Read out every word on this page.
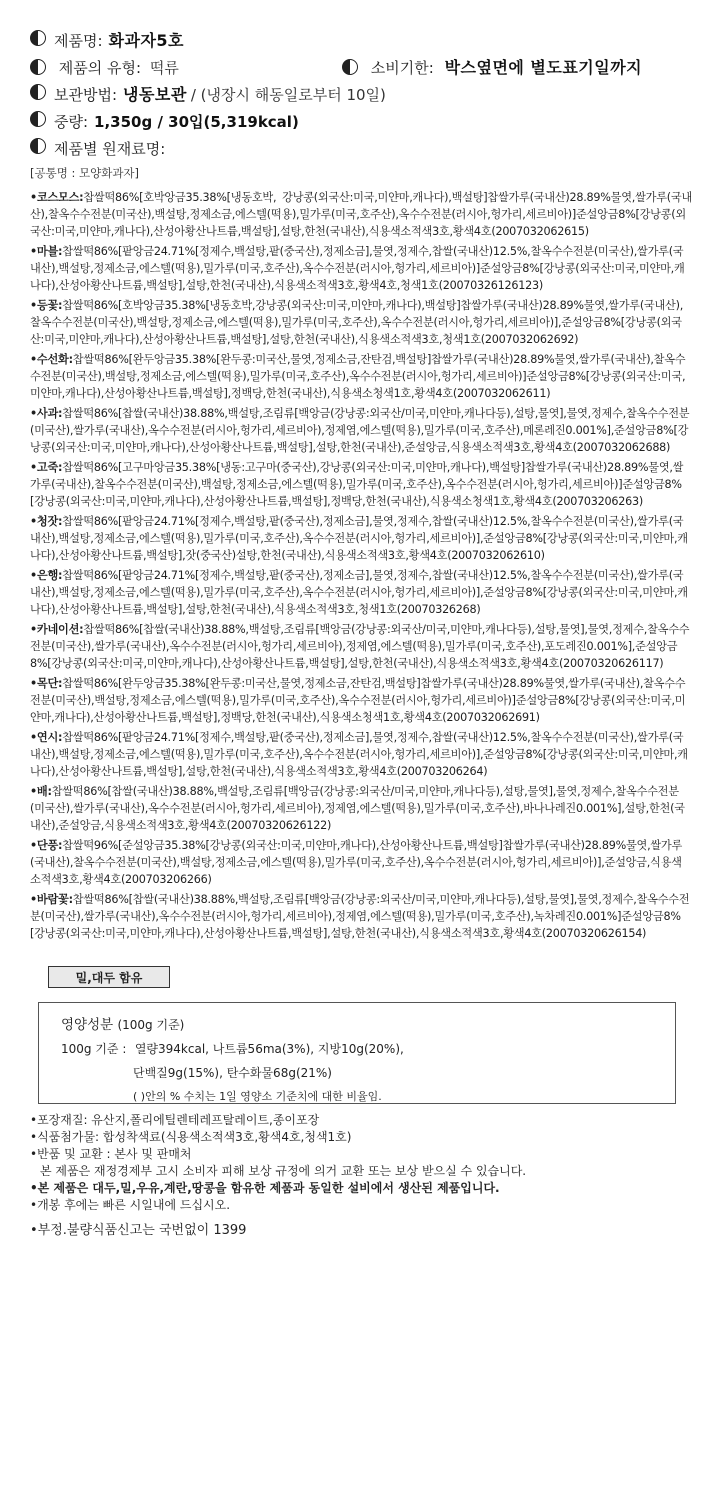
제품명: 화과자5호
제품의 유형: 떡류	소비기한: 박스옆면에 별도표기일까지
보관방법: 냉동보관 / (냉장시 해동일로부터 10일)
중량: 1,350g / 30입(5,319kcal)
제품별 원재료명:
[공통명 : 모양화과자]
•코스모스:찹쌀떡86%[호박앙금35.38%[냉동호박, 강낭콩(외국산:미국,미얀마,캐나다),백설탕]찹쌀가루(국내산)28.89%물엿,쌀가루(국내산),찰옥수수전분(미국산),백설탕,정제소금,에스텔(떡용),밀가루(미국,호주산),옥수수전분(러시아,헝가리,세르비아)]준설앙금8%[강낭콩(외국산:미국,미얀마,캐나다),산성아황산나트륨,백설탕],설탕,한천(국내산),식용색소적색3호,황색4호(2007032062615)
•마블:찹쌀떡86%[팥앙금24.71%[정제수,백설탕,팥(중국산),정제소금],물엿,정제수,찹쌀(국내산)12.5%,찰옥수수전분(미국산),쌀가루(국내산),백설탕,정제소금,에스텔(떡용),밀가루(미국,호주산),옥수수전분(러시아,헝가리,세르비아)]준설앙금8%[강낭콩(외국산:미국,미얀마,캐나다),산성아황산나트륨,백설탕],설탕,한천(국내산),식용색소적색3호,황색4호,청색1호(20070326126123)
•등꽃:찹쌀떡86%[호박앙금35.38%[냉동호박,강낭콩(외국산:미국,미얀마,캐나다),백설탕]찹쌀가루(국내산)28.89%물엿,쌀가루(국내산),찰옥수수전분(미국산),백설탕,정제소금,에스텔(떡용),밀가루(미국,호주산),옥수수전분(러시아,헝가리,세르비아)],준설앙금8%[강낭콩(외국산:미국,미얀마,캐나다),산성아황산나트륨,백설탕],설탕,한천(국내산),식용색소적색3호,청색1호(2007032062692)
•수선화:찹쌀떡86%[완두앙금35.38%[완두콩:미국산,물엿,정제소금,잔탄검,백설탕]찹쌀가루(국내산)28.89%물엿,쌀가루(국내산),찰옥수수전분(미국산),백설탕,정제소금,에스텔(떡용),밀가루(미국,호주산),옥수수전분(러시아,헝가리,세르비아)]준설앙금8%[강낭콩(외국산:미국,미얀마,캐나다),산성아황산나트륨,백설탕],정백당,한천(국내산),식용색소청색1호,황색4호(2007032062611)
•사과:찹쌀떡86%[찹쌀(국내산)38.88%,백설탕,조림류[백앙금(강낭콩:외국산/미국,미얀마,캐나다등),설탕,물엿],물엿,정제수,찰옥수수전분(미국산),쌀가루(국내산),옥수수전분(러시아,헝가리,세르비아),정제염,에스텔(떡용),밀가루(미국,호주산),메론레진0.001%],준설앙금8%[강낭콩(외국산:미국,미얀마,캐나다),산성아황산나트륨,백설탕],설탕,한천(국내산),준설앙금,식용색소적색3호,황색4호(2007032062688)
•고죽:찹쌀떡86%[고구마앙금35.38%[냉동:고구마(중국산),강낭콩(외국산:미국,미얀마,캐나다),백설탕]찹쌀가루(국내산)28.89%물엿,쌀가루(국내산),찰옥수수전분(미국산),백설탕,정제소금,에스텔(떡용),밀가루(미국,호주산),옥수수전분(러시아,헝가리,세르비아)]준설앙금8%[강낭콩(외국산:미국,미얀마,캐나다),산성아황산나트륨,백설탕],정백당,한천(국내산),식용색소청색1호,황색4호(200703206263)
•청잣:찹쌀떡86%[팥앙금24.71%[정제수,백설탕,팥(중국산),정제소금],물엿,정제수,찹쌀(국내산)12.5%,찰옥수수전분(미국산),쌀가루(국내산),백설탕,정제소금,에스텔(떡용),밀가루(미국,호주산),옥수수전분(러시아,헝가리,세르비아)],준설앙금8%[강낭콩(외국산:미국,미얀마,캐나다),산성아황산나트륨,백설탕],잣(중국산)설탕,한천(국내산),식용색소적색3호,황색4호(2007032062610)
•은행:찹쌀떡86%[팥앙금24.71%[정제수,백설탕,팥(중국산),정제소금],물엿,정제수,찹쌀(국내산)12.5%,찰옥수수전분(미국산),쌀가루(국내산),백설탕,정제소금,에스텔(떡용),밀가루(미국,호주산),옥수수전분(러시아,헝가리,세르비아)],준설앙금8%[강낭콩(외국산:미국,미얀마,캐나다),산성아황산나트륨,백설탕],설탕,한천(국내산),식용색소적색3호,청색1호(20070326268)
•카네이션:찹쌀떡86%[찹쌀(국내산)38.88%,백설탕,조림류[백앙금(강낭콩:외국산/미국,미얀마,캐나다등),설탕,물엿],물엿,정제수,찰옥수수전분(미국산),쌀가루(국내산),옥수수전분(러시아,헝가리,세르비아),정제염,에스텔(떡용),밀가루(미국,호주산),포도레진0.001%],준설앙금8%[강낭콩(외국산:미국,미얀마,캐나다),산성아황산나트륨,백설탕],설탕,한천(국내산),식용색소적색3호,황색4호(20070320626117)
•목단:찹쌀떡86%[완두앙금35.38%[완두콩:미국산,물엿,정제소금,잔탄검,백설탕]찹쌀가루(국내산)28.89%물엿,쌀가루(국내산),찰옥수수전분(미국산),백설탕,정제소금,에스텔(떡용),밀가루(미국,호주산),옥수수전분(러시아,헝가리,세르비아)]준설앙금8%[강낭콩(외국산:미국,미얀마,캐나다),산성아황산나트륨,백설탕],정백당,한천(국내산),식용색소청색1호,황색4호(2007032062691)
•연시:찹쌀떡86%[팥앙금24.71%[정제수,백설탕,팥(중국산),정제소금],물엿,정제수,찹쌀(국내산)12.5%,찰옥수수전분(미국산),쌀가루(국내산),백설탕,정제소금,에스텔(떡용),밀가루(미국,호주산),옥수수전분(러시아,헝가리,세르비아)],준설앙금8%[강낭콩(외국산:미국,미얀마,캐나다),산성아황산나트륨,백설탕],설탕,한천(국내산),식용색소적색3호,황색4호(200703206264)
•배:찹쌀떡86%[찹쌀(국내산)38.88%,백설탕,조림류[백앙금(강낭콩:외국산/미국,미얀마,캐나다등),설탕,물엿],물엿,정제수,찰옥수수전분(미국산),쌀가루(국내산),옥수수전분(러시아,헝가리,세르비아),정제염,에스텔(떡용),밀가루(미국,호주산),바나나레진0.001%],설탕,한천(국내산),준설앙금,식용색소적색3호,황색4호(20070320626122)
•단풍:찹쌀떡96%[준설앙금35.38%[강낭콩(외국산:미국,미얀마,캐나다),산성아황산나트륨,백설탕]찹쌀가루(국내산)28.89%물엿,쌀가루(국내산),찰옥수수전분(미국산),백설탕,정제소금,에스텔(떡용),밀가루(미국,호주산),옥수수전분(러시아,헝가리,세르비아)],준설앙금,식용색소적색3호,황색4호(200703206266)
•바람꽃:찹쌀떡86%[찹쌀(국내산)38.88%,백설탕,조림류[백앙금(강낭콩:외국산/미국,미얀마,캐나다등),설탕,물엿],물엿,정제수,찰옥수수전분(미국산),쌀가루(국내산),옥수수전분(러시아,헝가리,세르비아),정제염,에스텔(떡용),밀가루(미국,호주산),녹차레진0.001%]준설앙금8%[강낭콩(외국산:미국,미얀마,캐나다),산성아황산나트륨,백설탕],설탕,한천(국내산),식용색소적색3호,황색4호(20070320626154)
밀,대두 함유
영양성분 (100g 기준)
100g 기준 : 열량394kcal, 나트륨56ma(3%), 지방10g(20%),
단백질9g(15%), 탄수화물68g(21%)
( )안의 % 수치는 1일 영양소 기준치에 대한 비율임.
•포장재질: 유산지,폴리에틸렌테레프탈레이트,종이포장
•식품첨가물: 합성착색료(식용색소적색3호,황색4호,청색1호)
•반품 및 교환 : 본사 및 판매처
본 제품은 재정경제부 고시 소비자 피해 보상 규정에 의거 교환 또는 보상 받으실 수 있습니다.
•본 제품은 대두,밀,우유,계란,땅콩을 함유한 제품과 동일한 설비에서 생산된 제품입니다.
•개봉 후에는 빠른 시일내에 드십시오.
•부정.불량식품신고는 국번없이 1399
